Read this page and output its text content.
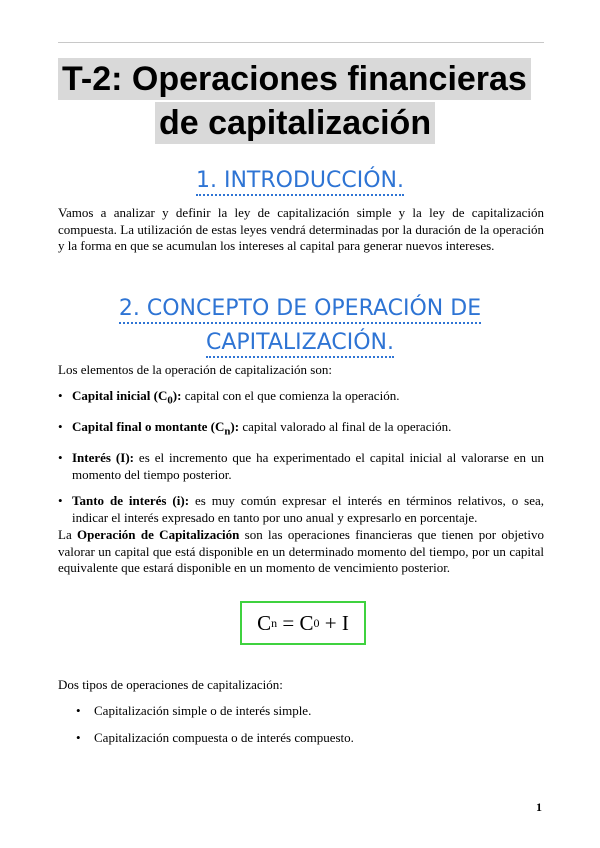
T-2: Operaciones financieras
de capitalización
1. INTRODUCCIÓN.
Vamos a analizar y definir la ley de capitalización simple y la ley de capitalización compuesta. La utilización de estas leyes vendrá determinadas por la duración de la operación y la forma en que se acumulan los intereses al capital para generar nuevos intereses.
2. CONCEPTO DE OPERACIÓN DE
CAPITALIZACIÓN.
Los elementos de la operación de capitalización son:
• Capital inicial $(C_0)$: capital con el que comienza la operación.
• Capital final o montante $(C_n)$: capital valorado al final de la operación.
• Interés (I): es el incremento que ha experimentado el capital inicial al valorarse en un momento del tiempo posterior.
• Tanto de interés (i): es muy común expresar el interés en términos relativos, o sea, indicar el interés expresado en tanto por uno anual y expresarlo en porcentaje.
La Operación de Capitalización son las operaciones financieras que tienen por objetivo valorar un capital que está disponible en un determinado momento del tiempo, por un capital equivalente que estará disponible en un momento de vencimiento posterior.
C n = C 0 + I
Dos tipos de operaciones de capitalización:
• Capitalización simple o de interés simple.
• Capitalización compuesta o de interés compuesto.
1
